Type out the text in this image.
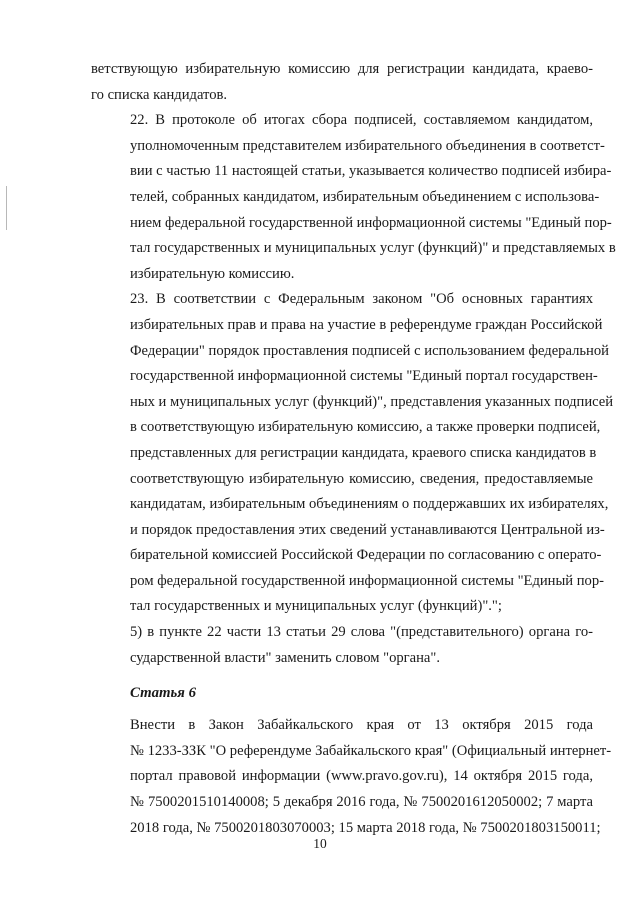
ветствующую избирательную комиссию для регистрации кандидата, краево-
го списка кандидатов.

22. В протоколе об итогах сбора подписей, составляемом кандидатом,
уполномоченным представителем избирательного объединения в соответст-
вии с частью 11 настоящей статьи, указывается количество подписей избира-
телей, собранных кандидатом, избирательным объединением с использова-
нием федеральной государственной информационной системы "Единый пор-
тал государственных и муниципальных услуг (функций)" и представляемых в
избирательную комиссию.

23. В соответствии с Федеральным законом "Об основных гарантиях
избирательных прав и права на участие в референдуме граждан Российской
Федерации" порядок проставления подписей с использованием федеральной
государственной информационной системы "Единый портал государствен-
ных и муниципальных услуг (функций)", представления указанных подписей
в соответствующую избирательную комиссию, а также проверки подписей,
представленных для регистрации кандидата, краевого списка кандидатов в
соответствующую избирательную комиссию, сведения, предоставляемые
кандидатам, избирательным объединениям о поддержавших их избирателях,
и порядок предоставления этих сведений устанавливаются Центральной из-
бирательной комиссией Российской Федерации по согласованию с операто-
ром федеральной государственной информационной системы "Единый пор-
тал государственных и муниципальных услуг (функций)".";

5) в пункте 22 части 13 статьи 29 слова "(представительного) органа го-
сударственной власти" заменить словом "органа".

Статья 6

Внести в Закон Забайкальского края от 13 октября 2015 года
№ 1233-ЗЗК "О референдуме Забайкальского края" (Официальный интернет-
портал правовой информации (www.pravo.gov.ru), 14 октября 2015 года,
№ 7500201510140008; 5 декабря 2016 года, № 7500201612050002; 7 марта
2018 года, № 7500201803070003; 15 марта 2018 года, № 7500201803150011;

10
